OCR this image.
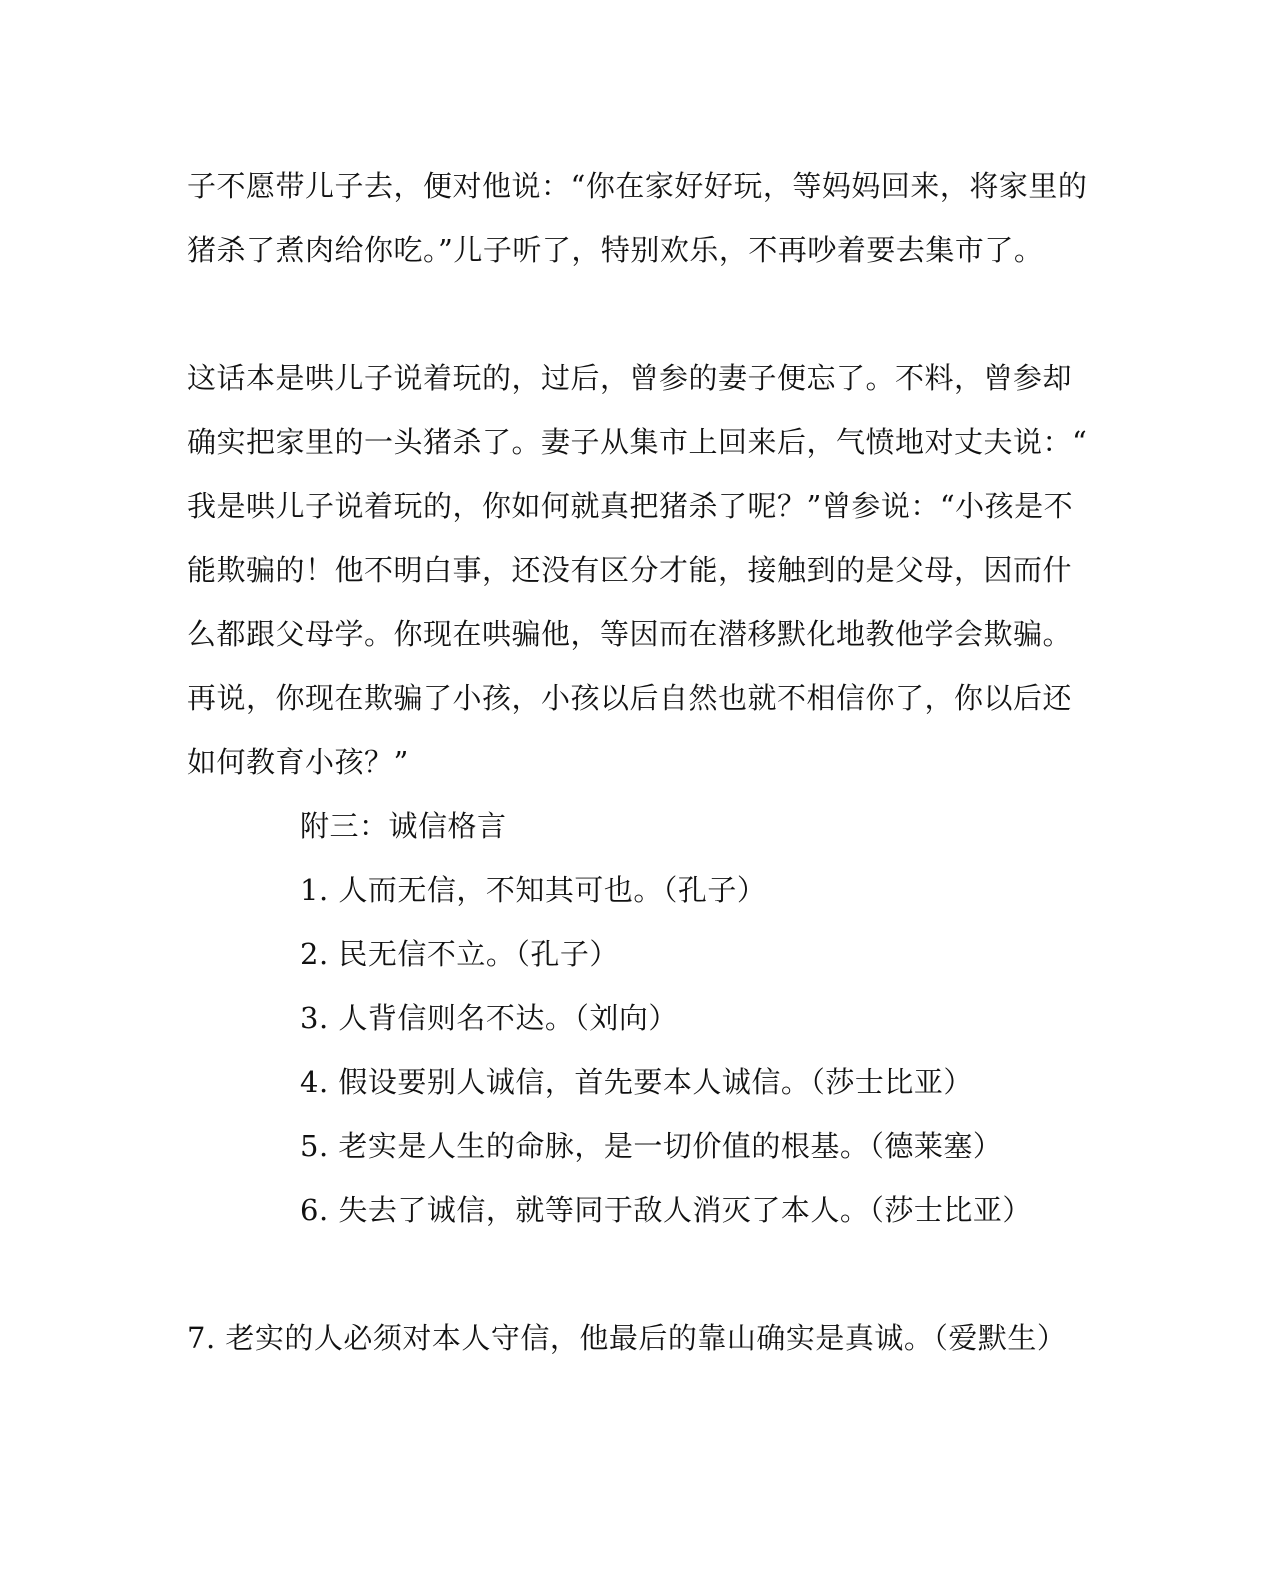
子不愿带儿子去，便对他说：“你在家好好玩，等妈妈回来，将家里的
猪杀了煮肉给你吃。”儿子听了，特别欢乐，不再吵着要去集市了。
这话本是哄儿子说着玩的，过后，曾参的妻子便忘了。不料，曾参却
确实把家里的一头猪杀了。妻子从集市上回来后，气愤地对丈夫说：“
我是哄儿子说着玩的，你如何就真把猪杀了呢？”曾参说：“小孩是不
能欺骗的！他不明白事，还没有区分才能，接触到的是父母，因而什
么都跟父母学。你现在哄骗他，等因而在潜移默化地教他学会欺骗。
再说，你现在欺骗了小孩，小孩以后自然也就不相信你了，你以后还
如何教育小孩？”
附三：诚信格言
1. 人而无信，不知其可也。（孔子）
2. 民无信不立。（孔子）
3. 人背信则名不达。（刘向）
4. 假设要别人诚信，首先要本人诚信。（莎士比亚）
5. 老实是人生的命脉，是一切价值的根基。（德莱塞）
6. 失去了诚信，就等同于敌人消灭了本人。（莎士比亚）
7. 老实的人必须对本人守信，他最后的靠山确实是真诚。（爱默生）
